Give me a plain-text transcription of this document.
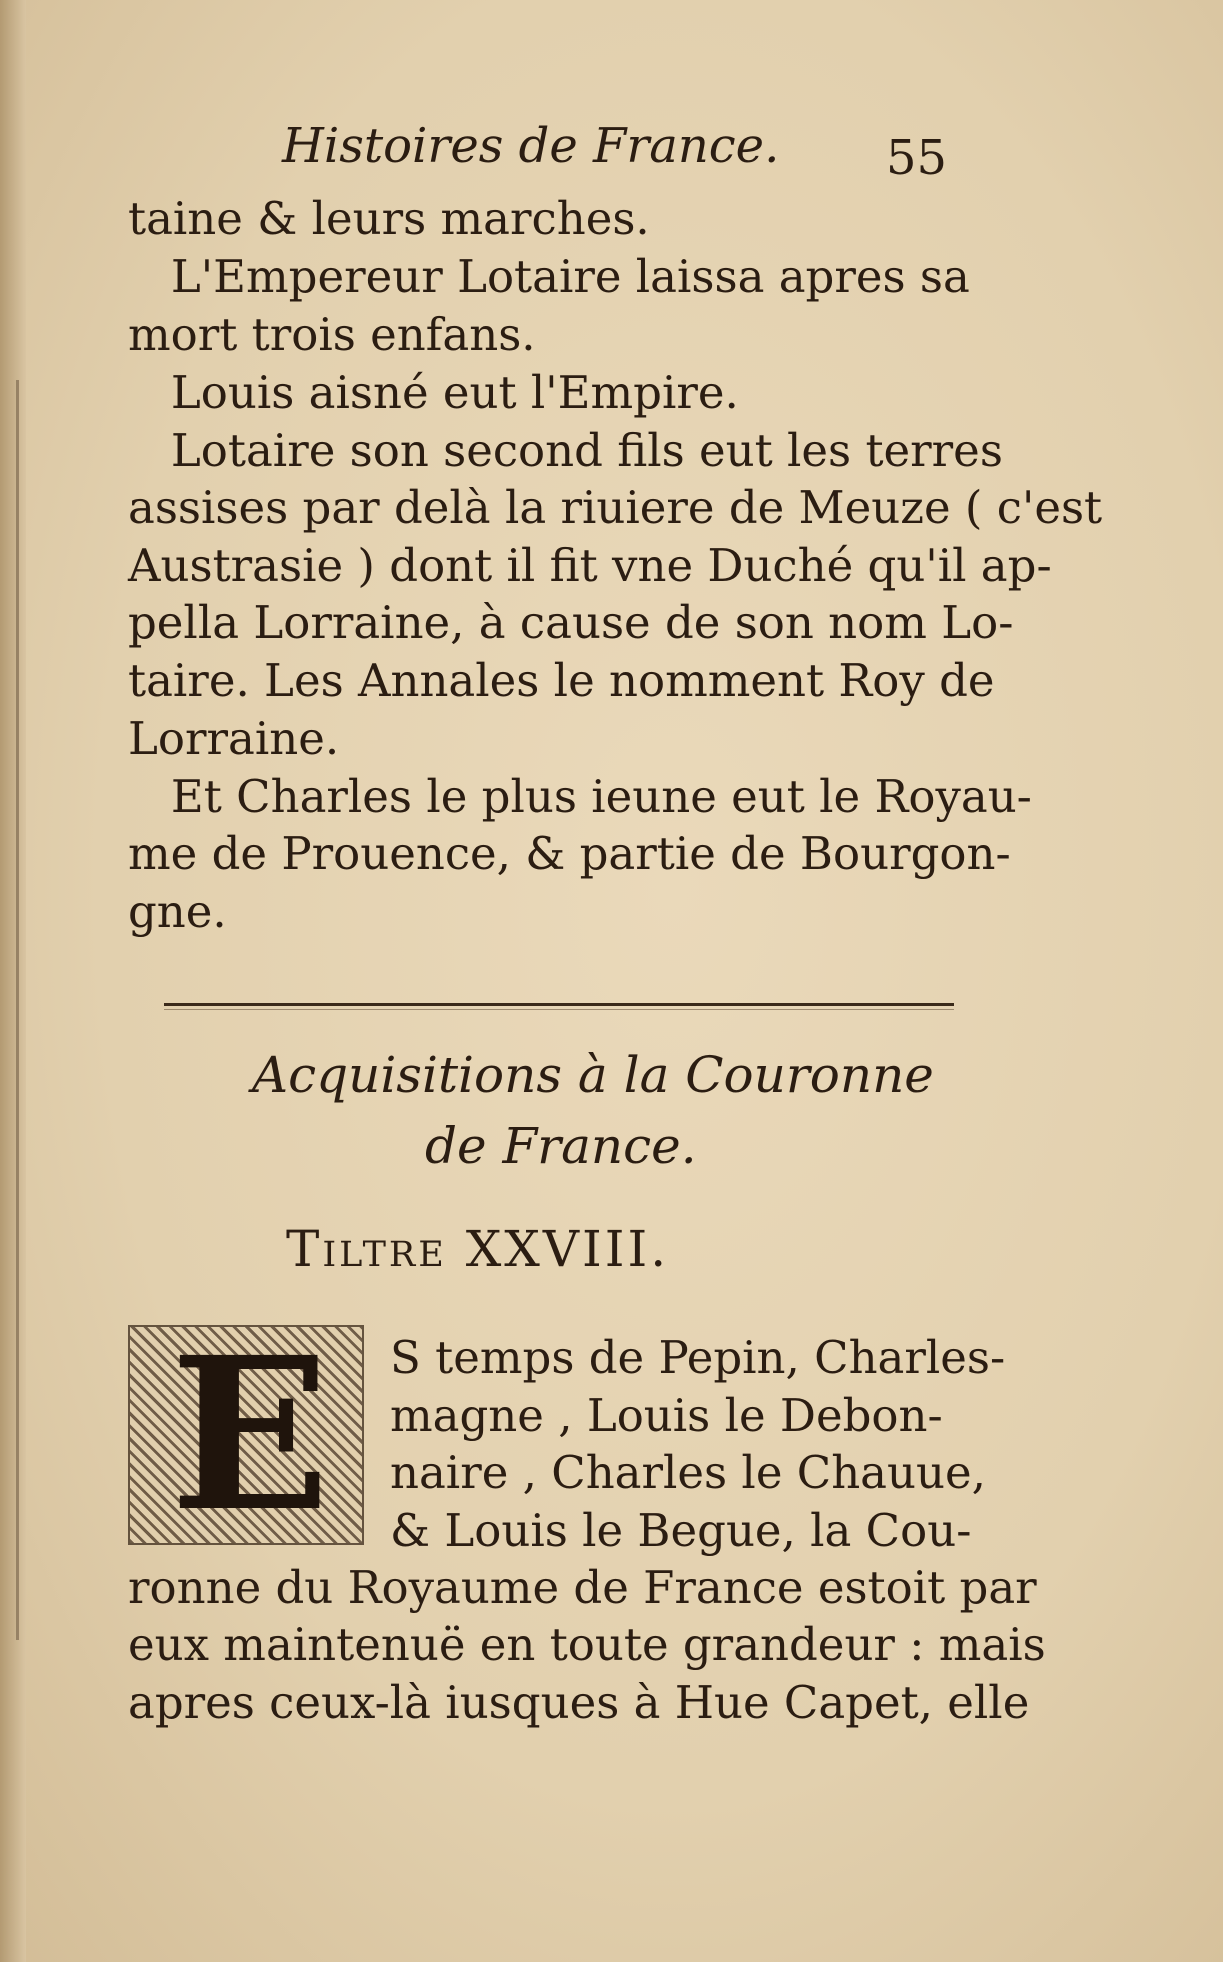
Histoires de France. 55
taine & leurs marches.
L'Empereur Lotaire laissa apres sa
mort trois enfans.
Louis aisné eut l'Empire.
Lotaire son second fils eut les terres
assises par delà la riuiere de Meuze ( c'est
Austrasie ) dont il fit vne Duché qu'il ap-
pella Lorraine, à cause de son nom Lo-
taire. Les Annales le nomment Roy de
Lorraine.
Et Charles le plus ieune eut le Royau-
me de Prouence, & partie de Bourgon-
gne.
Acquisitions à la Couronne
de France.
Tiltre XXVIII.
E S temps de Pepin, Charles-
magne , Louis le Debon-
naire , Charles le Chauue,
& Louis le Begue, la Cou-
ronne du Royaume de France estoit par
eux maintenuë en toute grandeur : mais
apres ceux-là iusques à Hue Capet, elle
